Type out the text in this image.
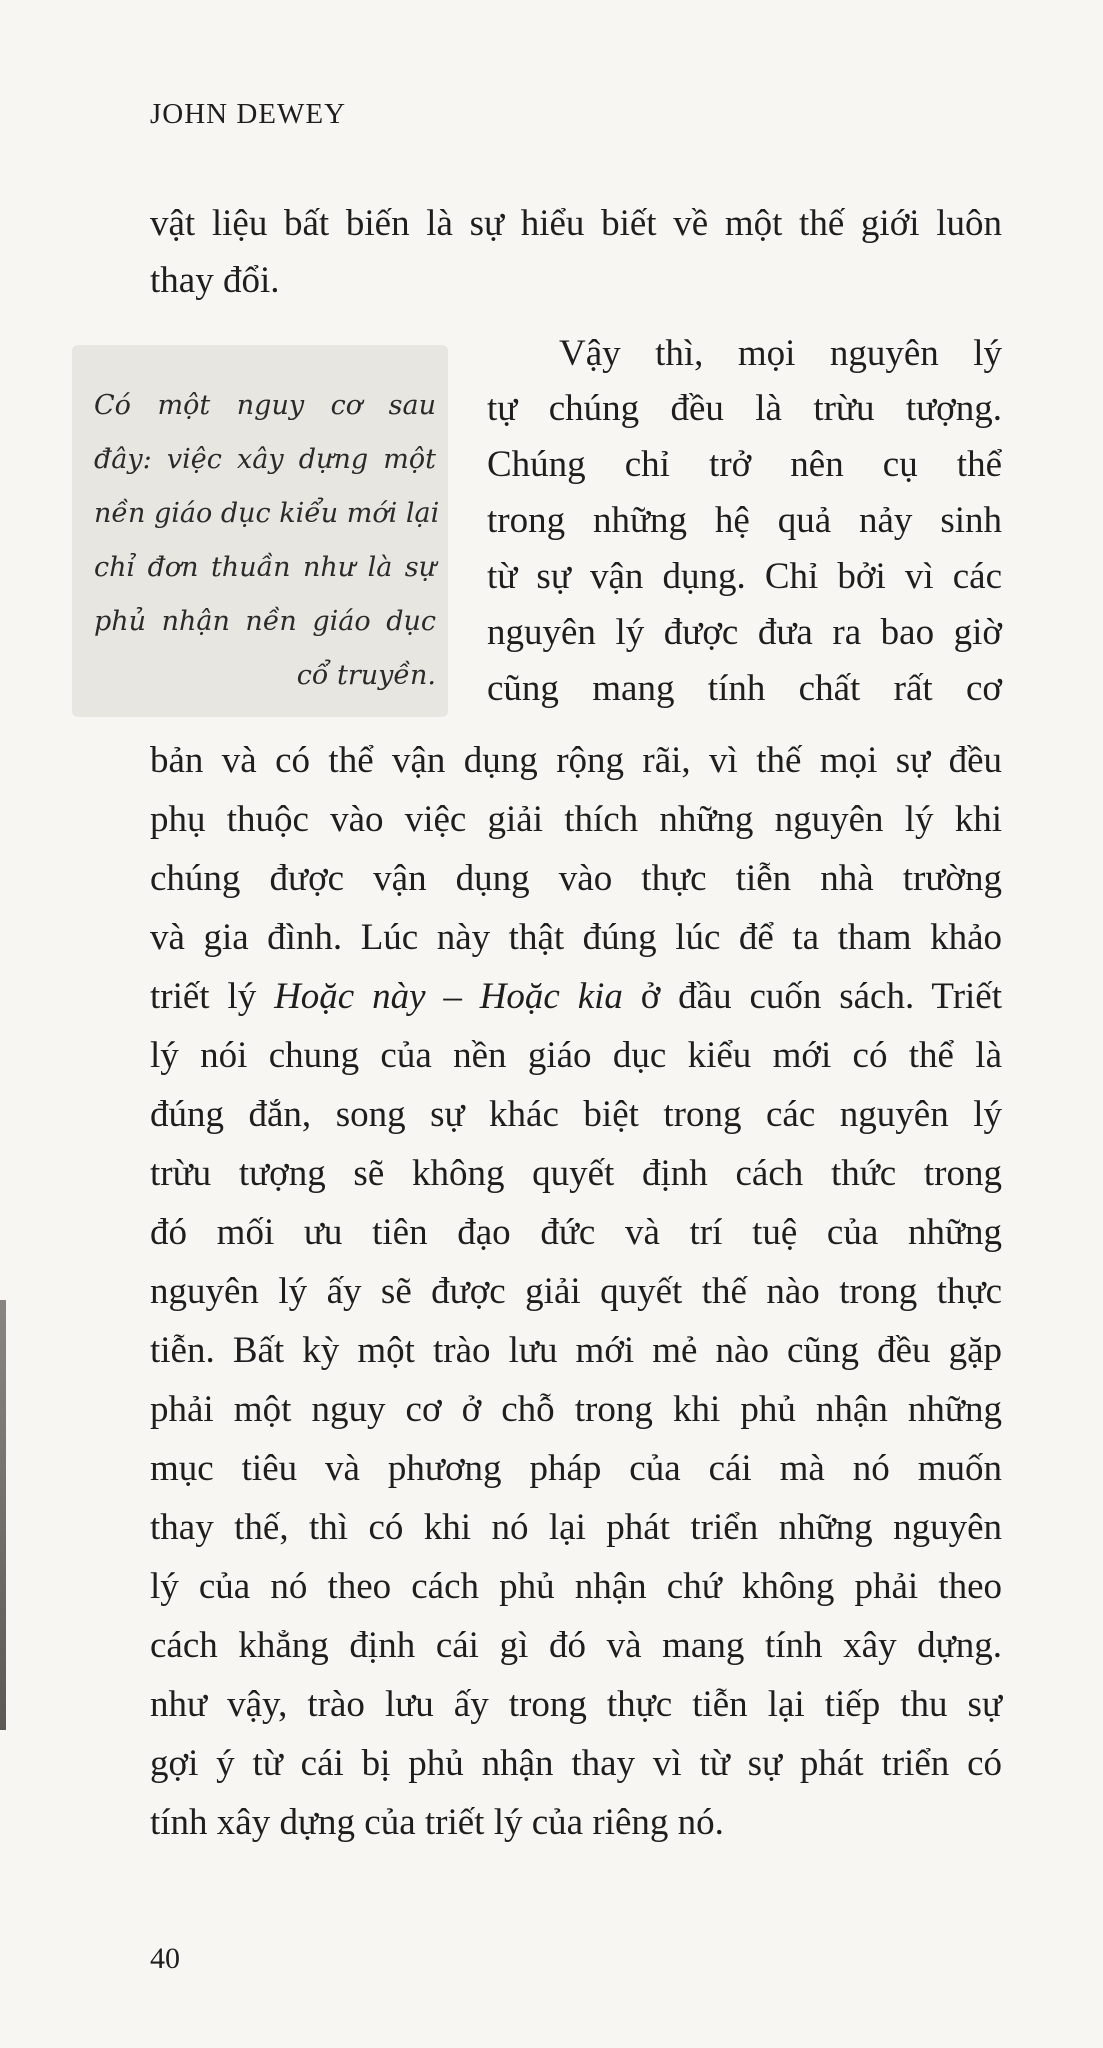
JOHN DEWEY
vật liệu bất biến là sự hiểu biết về một thế giới luôn
thay đổi.
Có một nguy cơ sau
đây: việc xây dựng một
nền giáo dục kiểu mới lại
chỉ đơn thuần như là sự
phủ nhận nền giáo dục
cổ truyền.
Vậy thì, mọi nguyên lý
tự chúng đều là trừu tượng.
Chúng chỉ trở nên cụ thể
trong những hệ quả nảy sinh
từ sự vận dụng. Chỉ bởi vì các
nguyên lý được đưa ra bao giờ
cũng mang tính chất rất cơ
bản và có thể vận dụng rộng rãi, vì thế mọi sự đều
phụ thuộc vào việc giải thích những nguyên lý khi
chúng được vận dụng vào thực tiễn nhà trường
và gia đình. Lúc này thật đúng lúc để ta tham khảo
triết lý Hoặc này – Hoặc kia ở đầu cuốn sách. Triết
lý nói chung của nền giáo dục kiểu mới có thể là
đúng đắn, song sự khác biệt trong các nguyên lý
trừu tượng sẽ không quyết định cách thức trong
đó mối ưu tiên đạo đức và trí tuệ của những
nguyên lý ấy sẽ được giải quyết thế nào trong thực
tiễn. Bất kỳ một trào lưu mới mẻ nào cũng đều gặp
phải một nguy cơ ở chỗ trong khi phủ nhận những
mục tiêu và phương pháp của cái mà nó muốn
thay thế, thì có khi nó lại phát triển những nguyên
lý của nó theo cách phủ nhận chứ không phải theo
cách khẳng định cái gì đó và mang tính xây dựng.
như vậy, trào lưu ấy trong thực tiễn lại tiếp thu sự
gợi ý từ cái bị phủ nhận thay vì từ sự phát triển có
tính xây dựng của triết lý của riêng nó.
40
